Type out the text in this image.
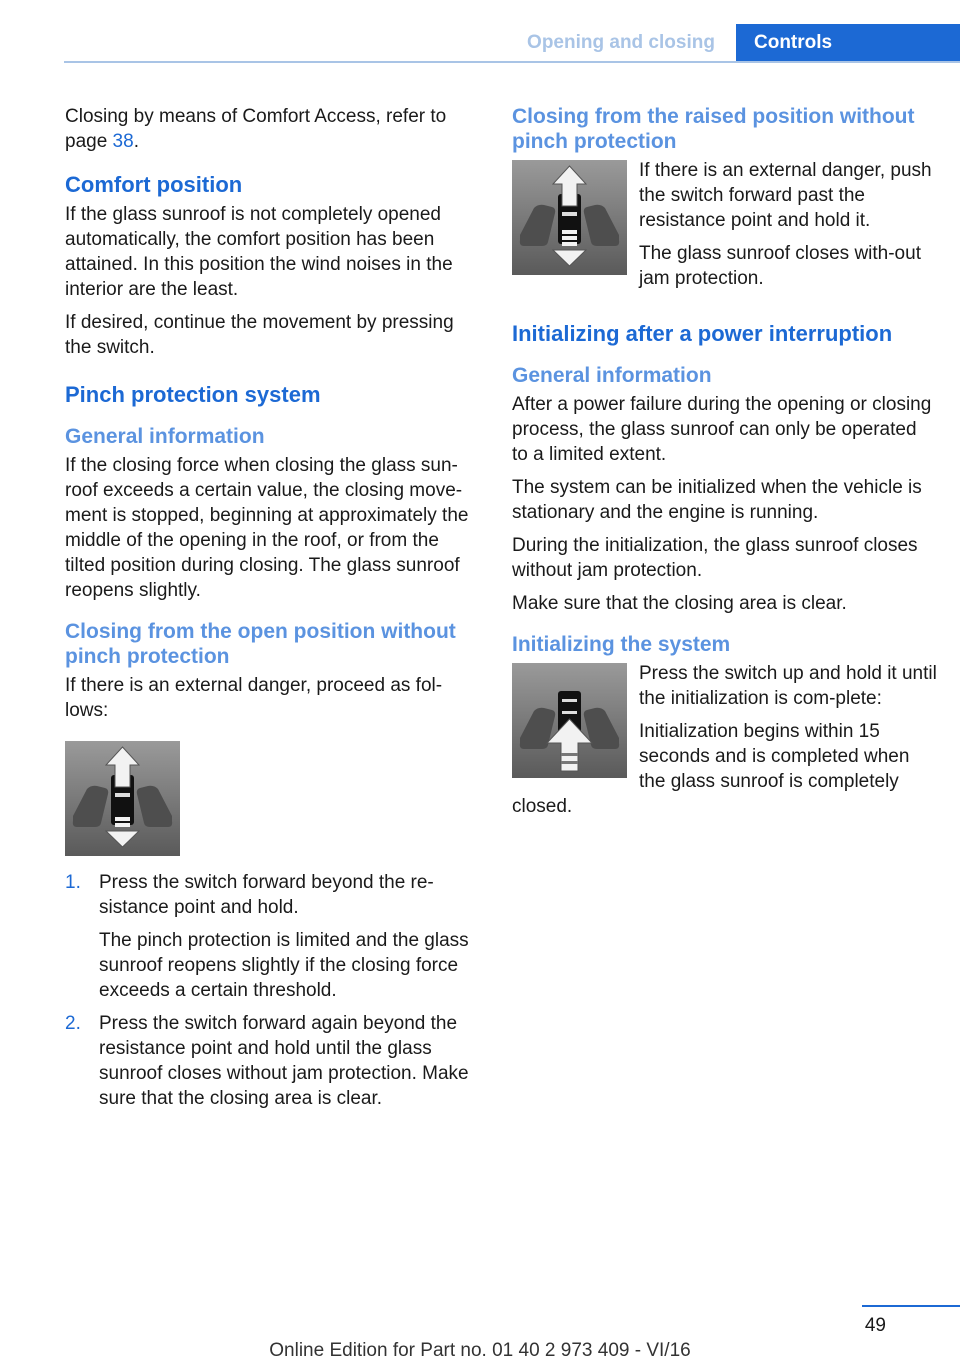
Opening and closing	Controls

Closing by means of Comfort Access, refer to page 38.

Comfort position

If the glass sunroof is not completely opened automatically, the comfort position has been attained. In this position the wind noises in the interior are the least.

If desired, continue the movement by pressing the switch.

Pinch protection system
General information

If the closing force when closing the glass sun-roof exceeds a certain value, the closing move-ment is stopped, beginning at approximately the middle of the opening in the roof, or from the tilted position during closing. The glass sunroof reopens slightly.

Closing from the open position without pinch protection

If there is an external danger, proceed as fol-lows:

1. Press the switch forward beyond the re-sistance point and hold.

The pinch protection is limited and the glass sunroof reopens slightly if the closing force exceeds a certain threshold.

2. Press the switch forward again beyond the resistance point and hold until the glass sunroof closes without jam protection. Make sure that the closing area is clear.

Closing from the raised position without pinch protection

If there is an external danger, push the switch forward past the resistance point and hold it.

The glass sunroof closes with-out jam protection.

Initializing after a power interruption
General information

After a power failure during the opening or closing process, the glass sunroof can only be operated to a limited extent.

The system can be initialized when the vehicle is stationary and the engine is running.

During the initialization, the glass sunroof closes without jam protection.

Make sure that the closing area is clear.

Initializing the system

Press the switch up and hold it until the initialization is com-plete:

Initialization begins within 15 seconds and is completed when the glass sunroof is completely closed.

49
Online Edition for Part no. 01 40 2 973 409 - VI/16
